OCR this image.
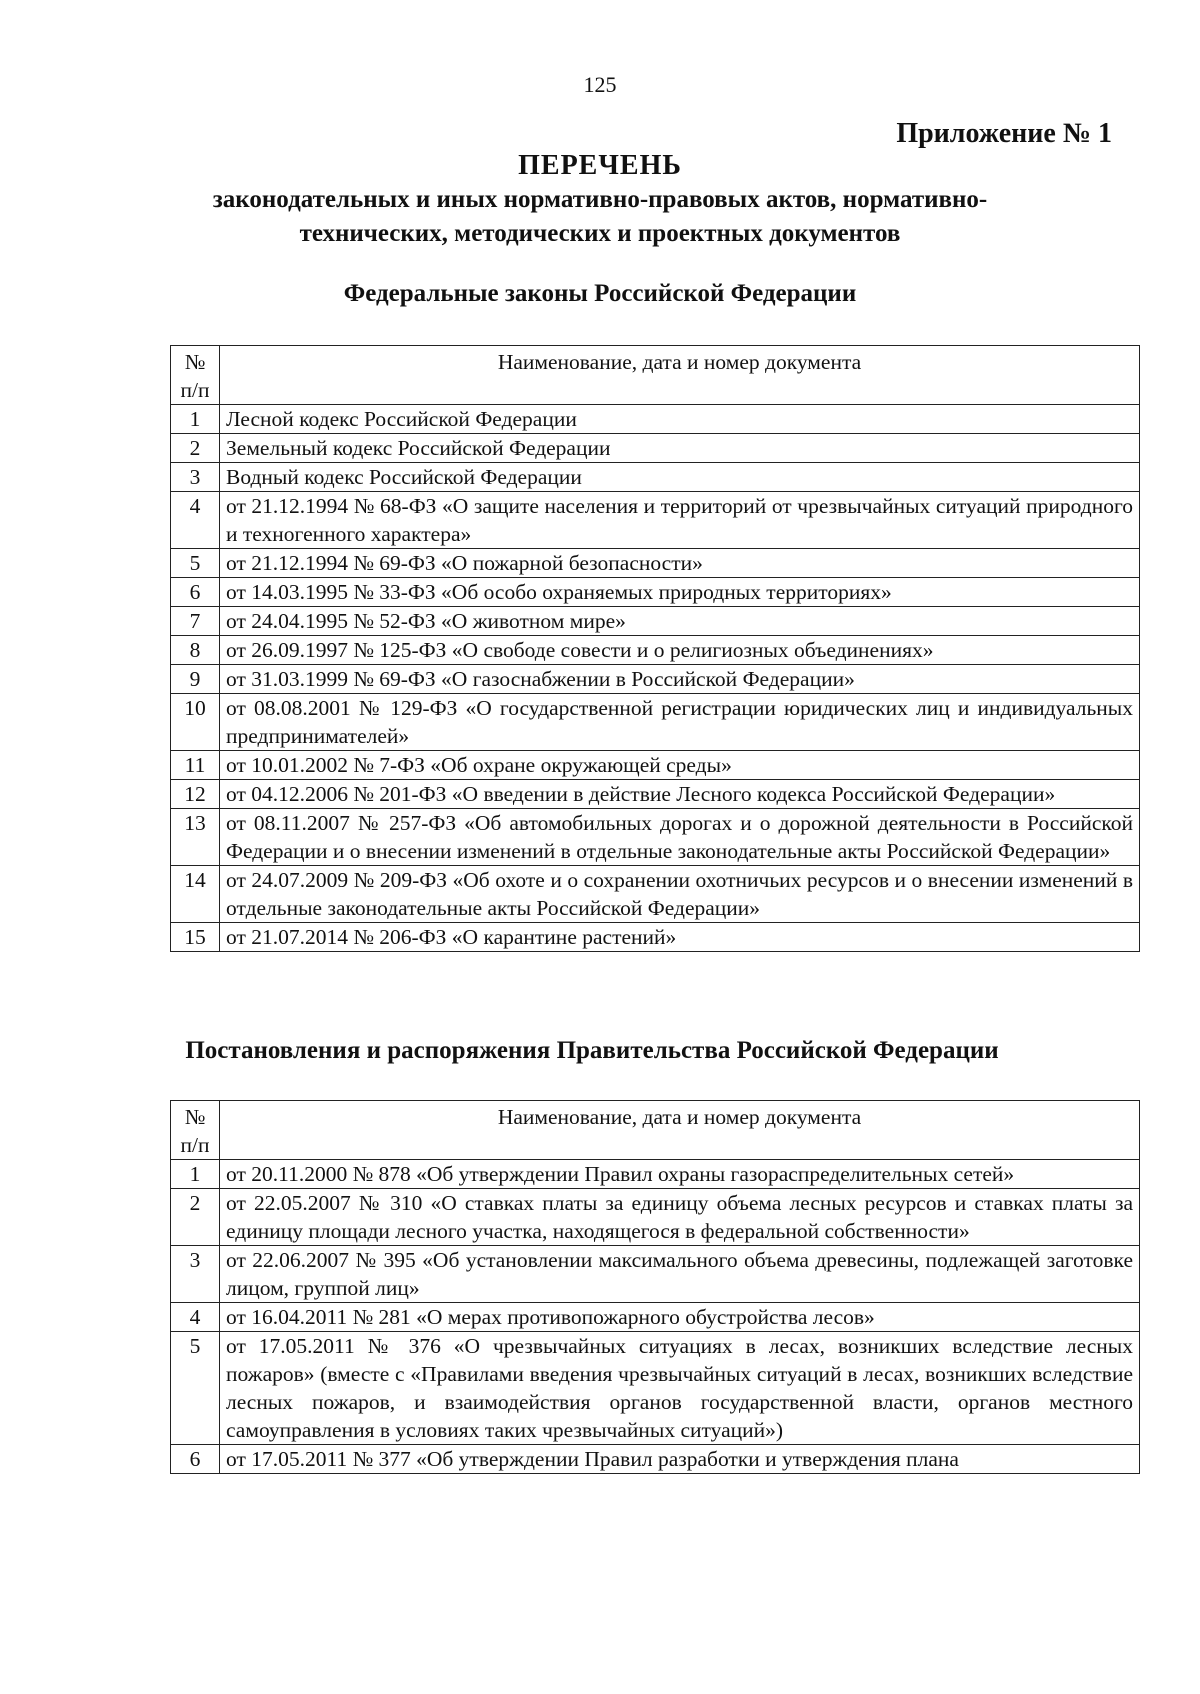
125
Приложение № 1
ПЕРЕЧЕНЬ
законодательных и иных нормативно-правовых актов, нормативно-
технических, методических и проектных документов
Федеральные законы Российской Федерации
№
п/п	Наименование, дата и номер документа
1	Лесной кодекс Российской Федерации
2	Земельный кодекс Российской Федерации
3	Водный кодекс Российской Федерации
4	от 21.12.1994 № 68-ФЗ «О защите населения и территорий от чрезвычайных ситуаций природного и техногенного характера»
5	от 21.12.1994 № 69-ФЗ «О пожарной безопасности»
6	от 14.03.1995 № 33-ФЗ «Об особо охраняемых природных территориях»
7	от 24.04.1995 № 52-ФЗ «О животном мире»
8	от 26.09.1997 № 125-ФЗ «О свободе совести и о религиозных объединениях»
9	от 31.03.1999 № 69-ФЗ «О газоснабжении в Российской Федерации»
10	от 08.08.2001 № 129-ФЗ «О государственной регистрации юридических лиц и индивидуальных предпринимателей»
11	от 10.01.2002 № 7-ФЗ «Об охране окружающей среды»
12	от 04.12.2006 № 201-ФЗ «О введении в действие Лесного кодекса Российской Федерации»
13	от 08.11.2007 № 257-ФЗ «Об автомобильных дорогах и о дорожной деятельности в Российской Федерации и о внесении изменений в отдельные законодательные акты Российской Федерации»
14	от 24.07.2009 № 209-ФЗ «Об охоте и о сохранении охотничьих ресурсов и о внесении изменений в отдельные законодательные акты Российской Федерации»
15	от 21.07.2014 № 206-ФЗ «О карантине растений»
Постановления и распоряжения Правительства Российской Федерации
№
п/п	Наименование, дата и номер документа
1	от 20.11.2000 № 878 «Об утверждении Правил охраны газораспределительных сетей»
2	от 22.05.2007 № 310 «О ставках платы за единицу объема лесных ресурсов и ставках платы за единицу площади лесного участка, находящегося в федеральной собственности»
3	от 22.06.2007 № 395 «Об установлении максимального объема древесины, подлежащей заготовке лицом, группой лиц»
4	от 16.04.2011 № 281 «О мерах противопожарного обустройства лесов»
5	от 17.05.2011 № 376 «О чрезвычайных ситуациях в лесах, возникших вследствие лесных пожаров» (вместе с «Правилами введения чрезвычайных ситуаций в лесах, возникших вследствие лесных пожаров, и взаимодействия органов государственной власти, органов местного самоуправления в условиях таких чрезвычайных ситуаций»)
6	от 17.05.2011 № 377 «Об утверждении Правил разработки и утверждения плана
